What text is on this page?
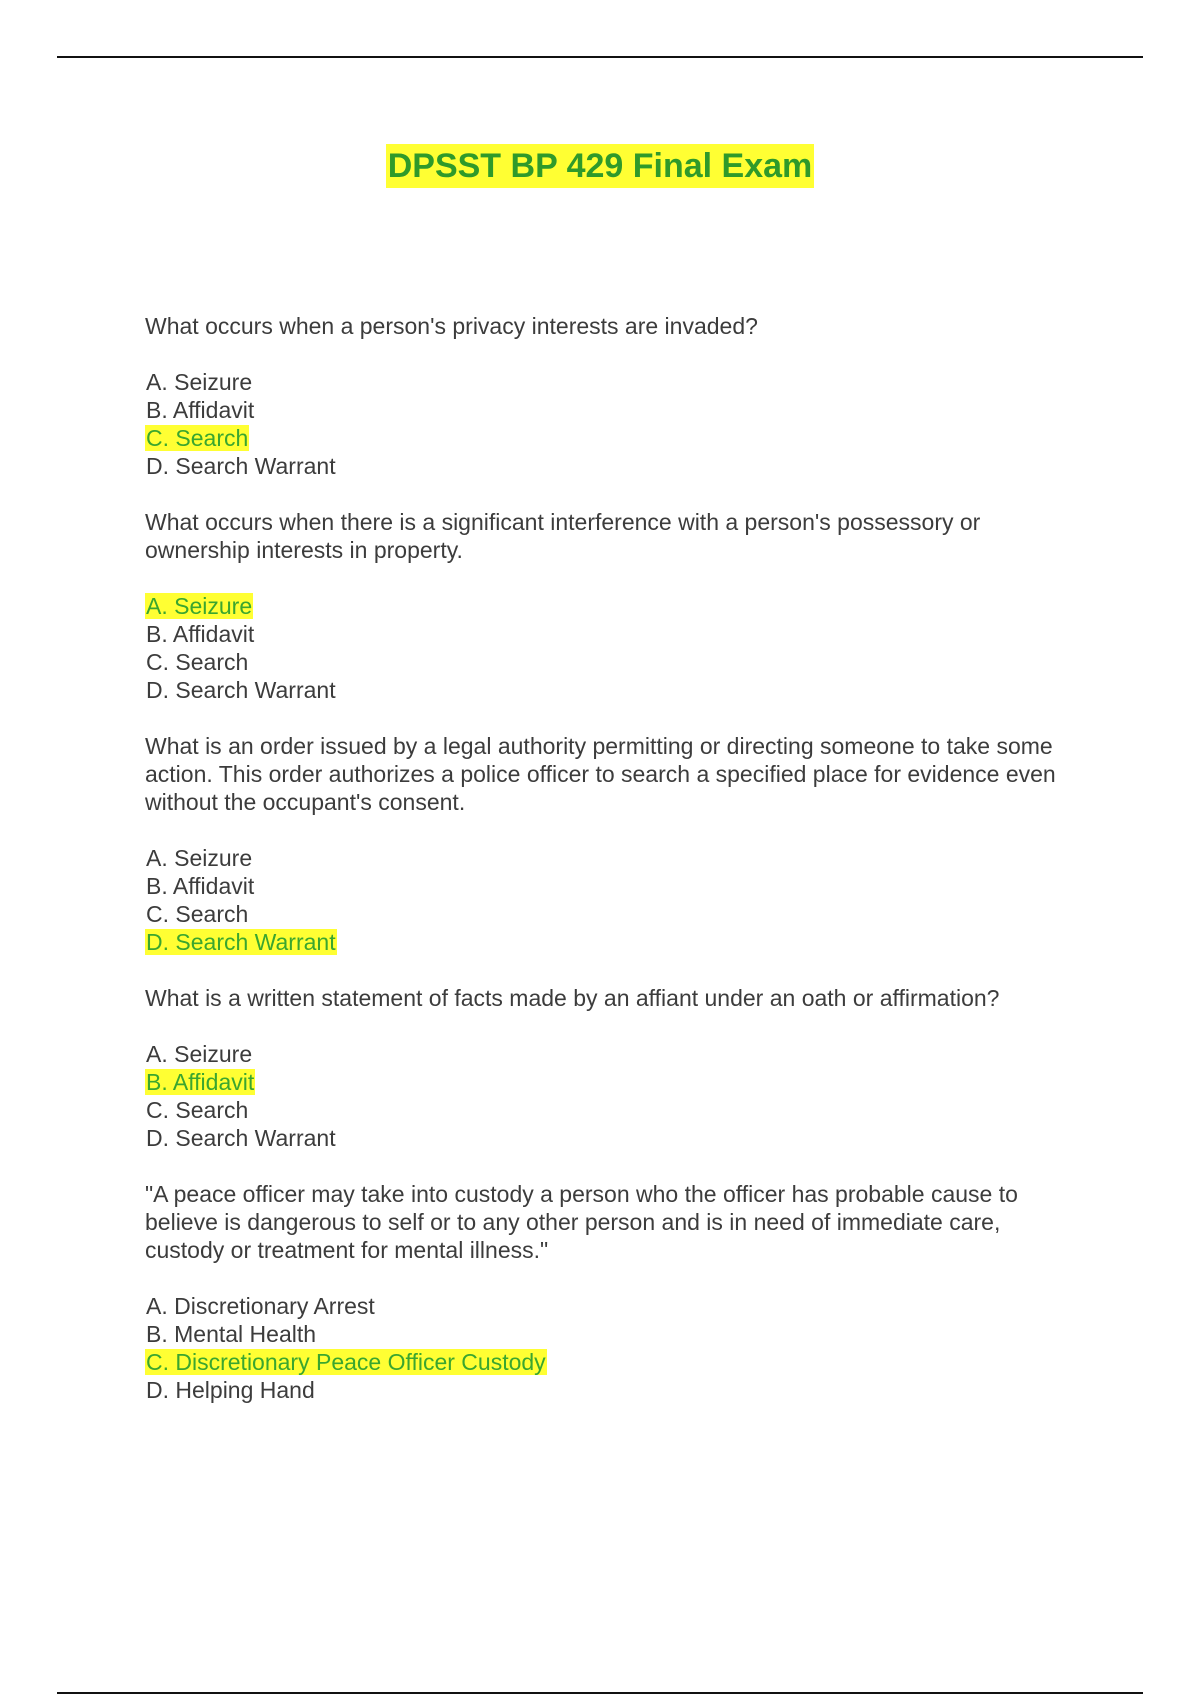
DPSST BP 429 Final Exam
What occurs when a person's privacy interests are invaded?
A. Seizure
B. Affidavit
C. Search
D. Search Warrant
What occurs when there is a significant interference with a person's possessory or ownership interests in property.
A. Seizure
B. Affidavit
C. Search
D. Search Warrant
What is an order issued by a legal authority permitting or directing someone to take some action. This order authorizes a police officer to search a specified place for evidence even without the occupant's consent.
A. Seizure
B. Affidavit
C. Search
D. Search Warrant
What is a written statement of facts made by an affiant under an oath or affirmation?
A. Seizure
B. Affidavit
C. Search
D. Search Warrant
"A peace officer may take into custody a person who the officer has probable cause to believe is dangerous to self or to any other person and is in need of immediate care, custody or treatment for mental illness."
A. Discretionary Arrest
B. Mental Health
C. Discretionary Peace Officer Custody
D. Helping Hand
